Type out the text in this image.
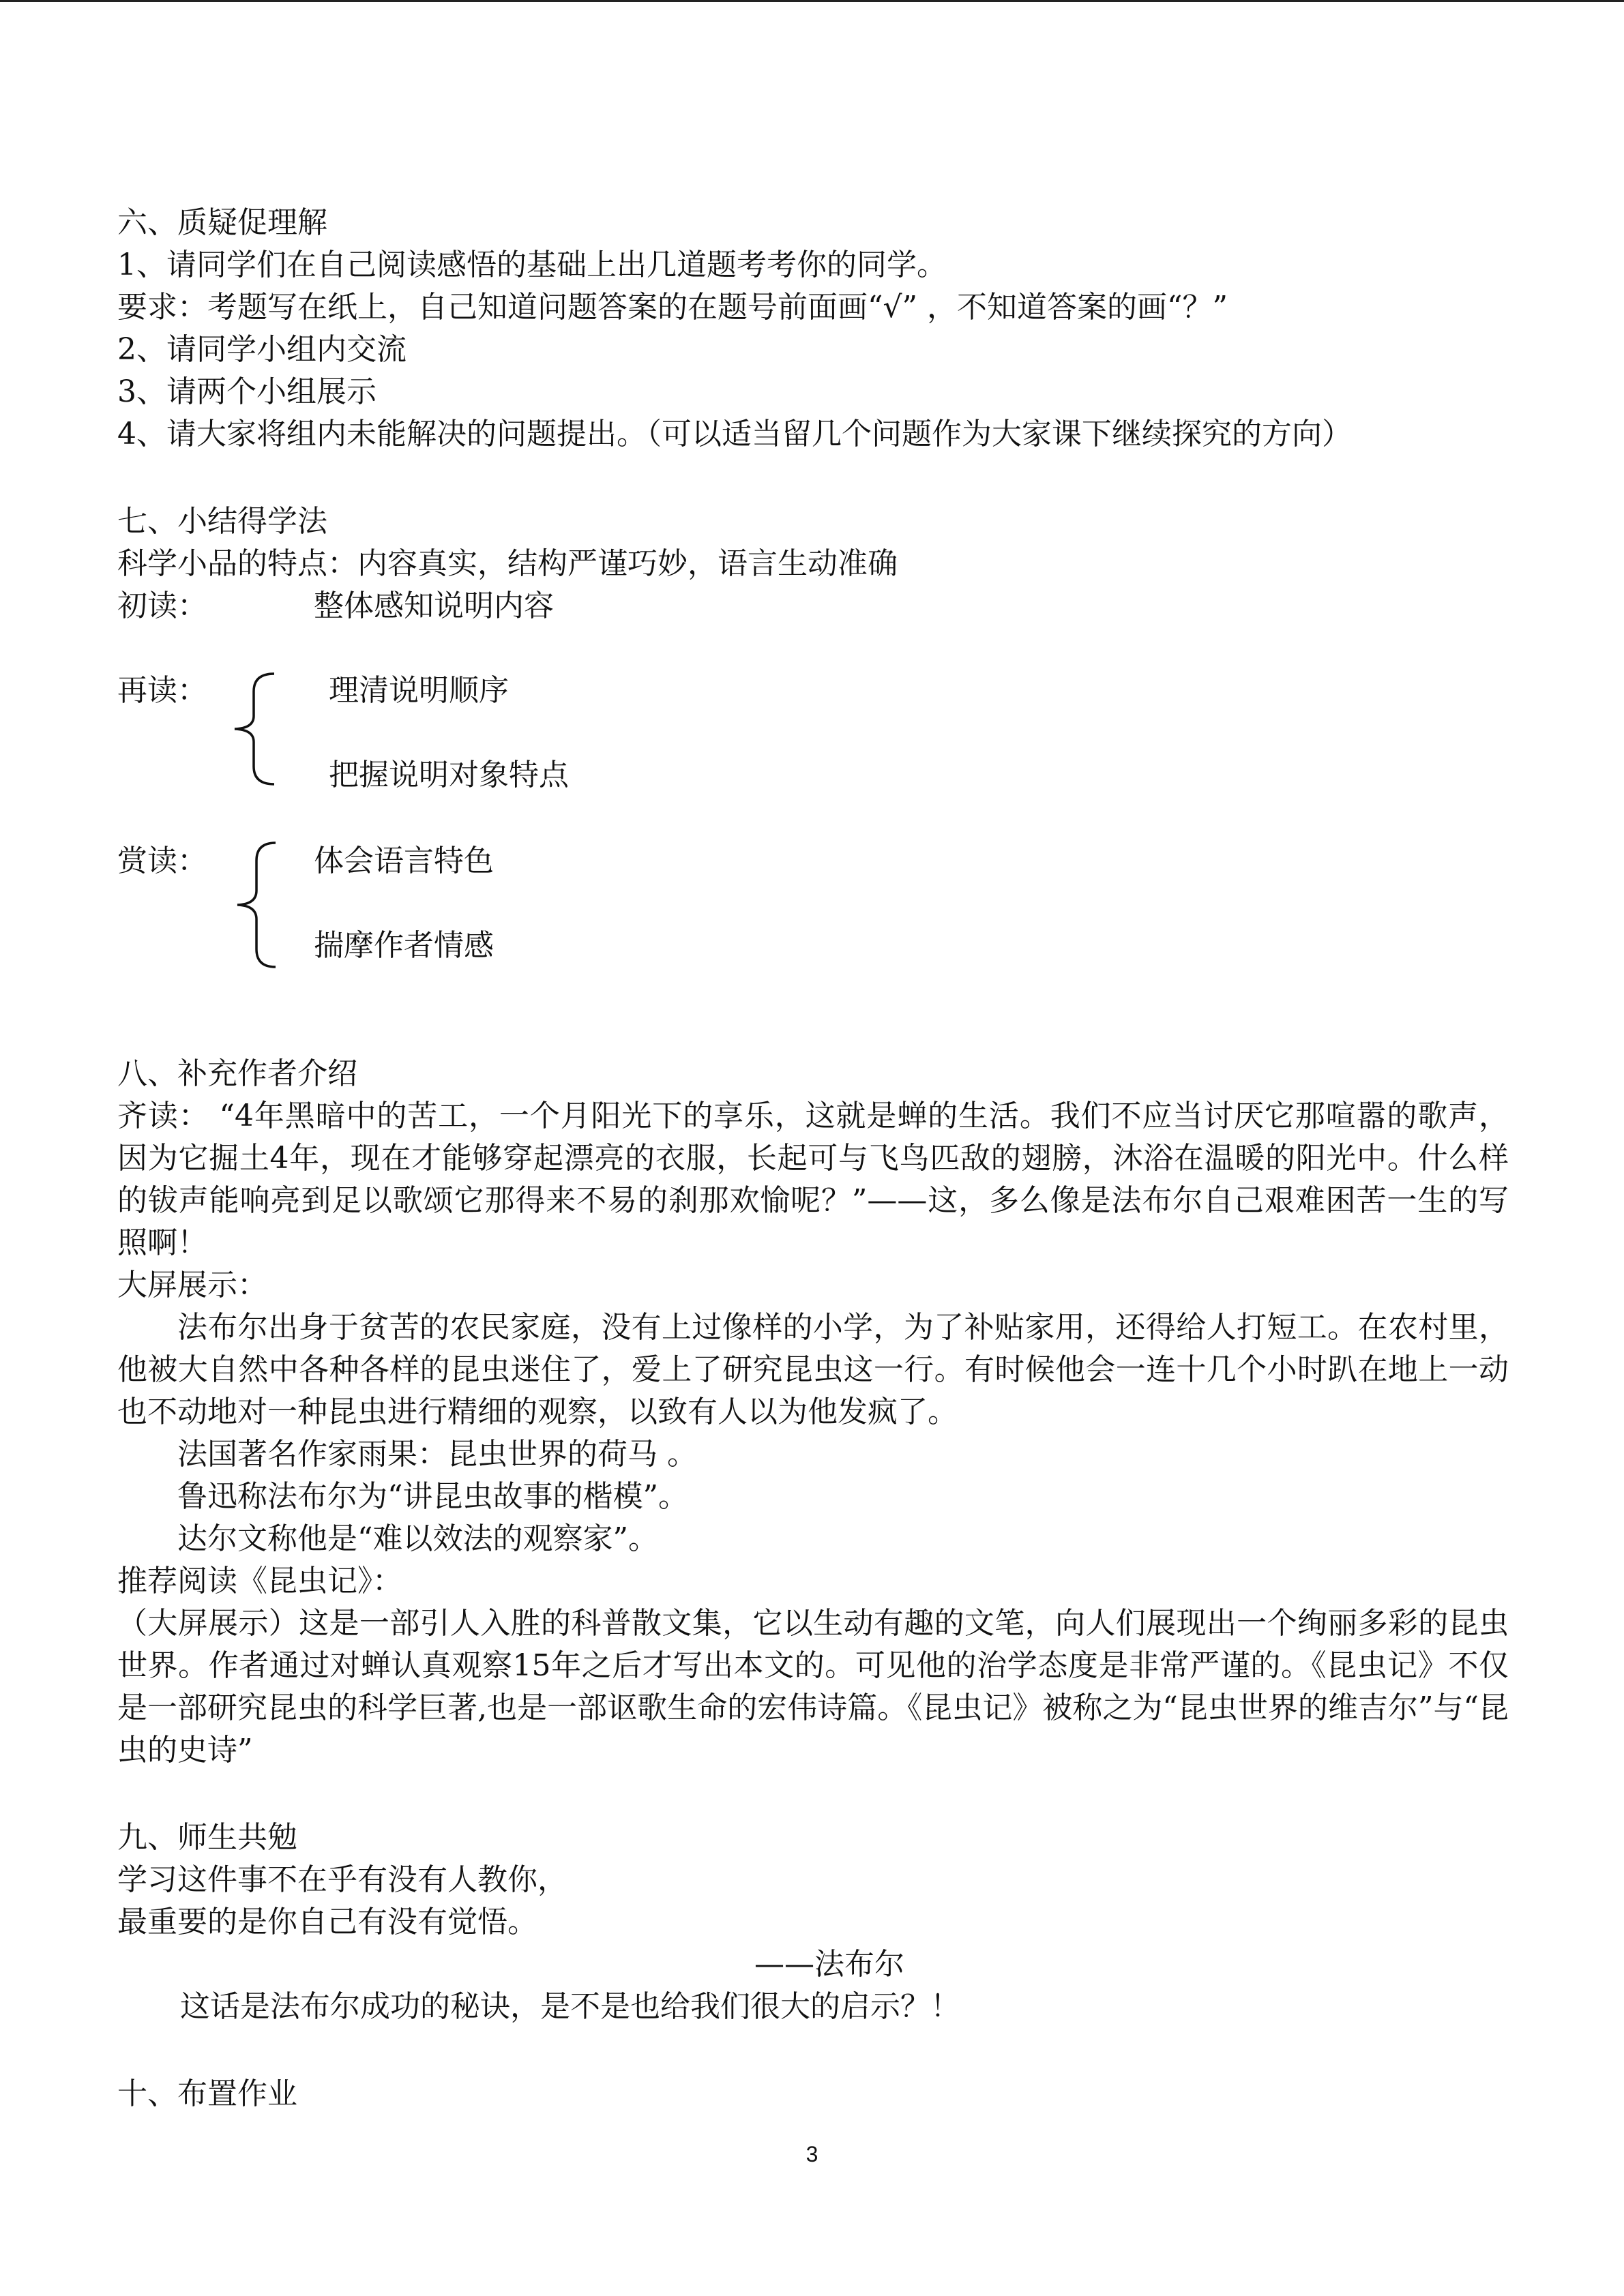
六、质疑促理解
1、请同学们在自己阅读感悟的基础上出几道题考考你的同学。
要求：考题写在纸上，自己知道问题答案的在题号前面画“√” ，不知道答案的画“？”
2、请同学小组内交流
3、请两个小组展示
4、请大家将组内未能解决的问题提出。（可以适当留几个问题作为大家课下继续探究的方向）
七、小结得学法
科学小品的特点：内容真实，结构严谨巧妙，语言生动准确
初读：	整体感知说明内容
再读：	理清说明顺序
把握说明对象特点
赏读：	体会语言特色
揣摩作者情感
八、补充作者介绍

齐读： “4年黑暗中的苦工，一个月阳光下的享乐，这就是蝉的生活。我们不应当讨厌它那喧嚣的歌声，因为它掘土4年，现在才能够穿起漂亮的衣服，长起可与飞鸟匹敌的翅膀，沐浴在温暖的阳光中。什么样的钹声能响亮到足以歌颂它那得来不易的刹那欢愉呢？”——这，多么像是法布尔自己艰难困苦一生的写照啊！

大屏展示：

法布尔出身于贫苦的农民家庭，没有上过像样的小学，为了补贴家用，还得给人打短工。在农村里，他被大自然中各种各样的昆虫迷住了，爱上了研究昆虫这一行。有时候他会一连十几个小时趴在地上一动也不动地对一种昆虫进行精细的观察，以致有人以为他发疯了。

法国著名作家雨果：昆虫世界的荷马 。
鲁迅称法布尔为“讲昆虫故事的楷模”。
达尔文称他是“难以效法的观察家”。
推荐阅读《昆虫记》：

（大屏展示）这是一部引人入胜的科普散文集，它以生动有趣的文笔，向人们展现出一个绚丽多彩的昆虫世界。作者通过对蝉认真观察15年之后才写出本文的。可见他的治学态度是非常严谨的。《昆虫记》不仅是一部研究昆虫的科学巨著,也是一部讴歌生命的宏伟诗篇。《昆虫记》被称之为“昆虫世界的维吉尔”与“昆虫的史诗”

九、师生共勉
学习这件事不在乎有没有人教你，
最重要的是你自己有没有觉悟。
——法布尔
这话是法布尔成功的秘诀，是不是也给我们很大的启示？！
十、布置作业
3
